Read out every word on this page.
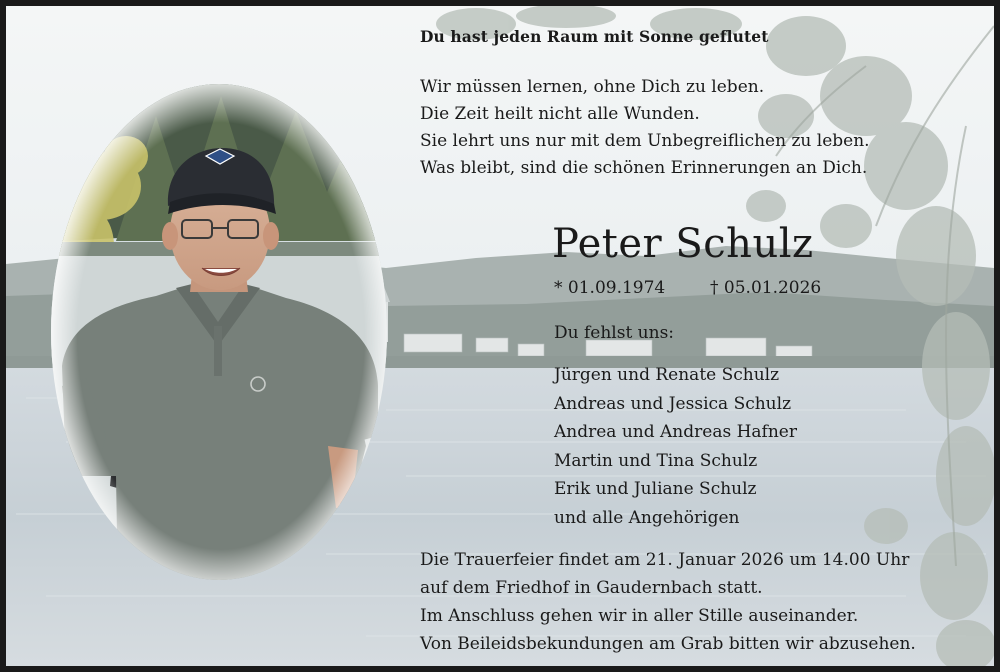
Du hast jeden Raum mit Sonne geflutet
Wir müssen lernen, ohne Dich zu leben.
Die Zeit heilt nicht alle Wunden.
Sie lehrt uns nur mit dem Unbegreiflichen zu leben.
Was bleibt, sind die schönen Erinnerungen an Dich.
Peter Schulz
* 01.09.1974	† 05.01.2026
Du fehlst uns:
Jürgen und Renate Schulz
Andreas und Jessica Schulz
Andrea und Andreas Hafner
Martin und Tina Schulz
Erik und Juliane Schulz
und alle Angehörigen
Die Trauerfeier findet am 21. Januar 2026 um 14.00 Uhr
auf dem Friedhof in Gaudernbach statt.
Im Anschluss gehen wir in aller Stille auseinander.
Von Beileidsbekundungen am Grab bitten wir abzusehen.
